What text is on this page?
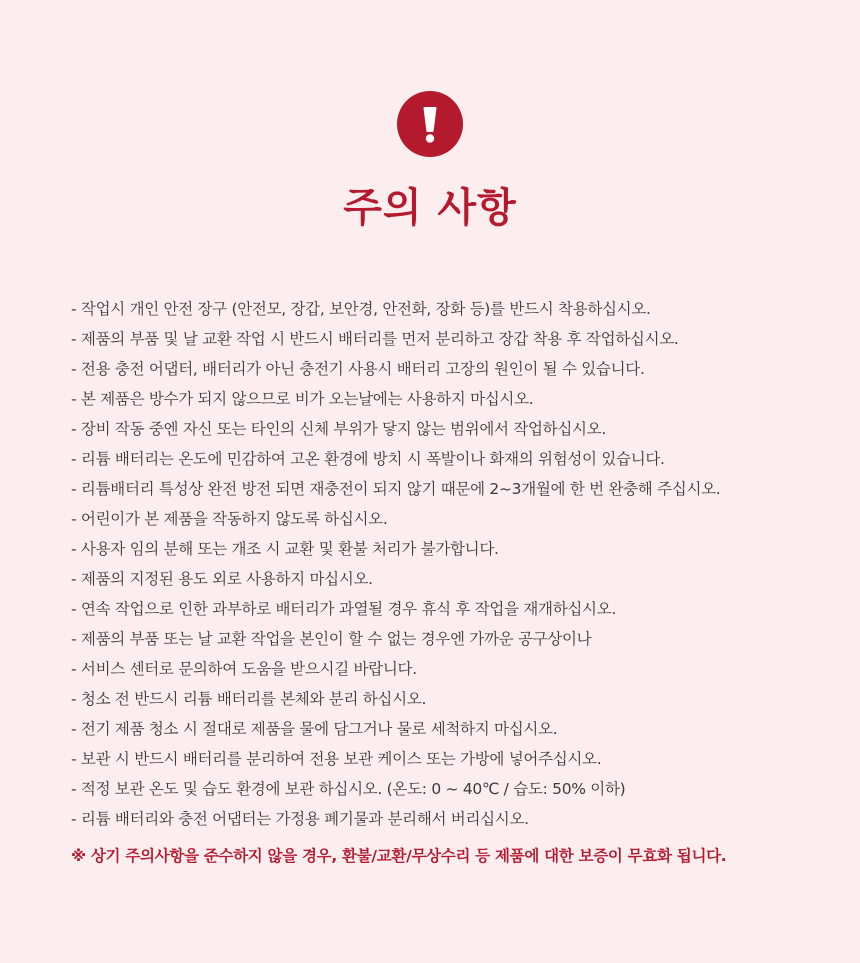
주의 사항
- 작업시 개인 안전 장구 (안전모, 장갑, 보안경, 안전화, 장화 등)를 반드시 착용하십시오.
- 제품의 부품 및 날 교환 작업 시 반드시 배터리를 먼저 분리하고 장갑 착용 후 작업하십시오.
- 전용 충전 어댑터, 배터리가 아닌 충전기 사용시 배터리 고장의 원인이 될 수 있습니다.
- 본 제품은 방수가 되지 않으므로 비가 오는날에는 사용하지 마십시오.
- 장비 작동 중엔 자신 또는 타인의 신체 부위가 닿지 않는 범위에서 작업하십시오.
- 리튬 배터리는 온도에 민감하여 고온 환경에 방치 시 폭발이나 화재의 위험성이 있습니다.
- 리튬배터리 특성상 완전 방전 되면 재충전이 되지 않기 때문에 2~3개월에 한 번 완충해 주십시오.
- 어린이가 본 제품을 작동하지 않도록 하십시오.
- 사용자 임의 분해 또는 개조 시 교환 및 환불 처리가 불가합니다.
- 제품의 지정된 용도 외로 사용하지 마십시오.
- 연속 작업으로 인한 과부하로 배터리가 과열될 경우 휴식 후 작업을 재개하십시오.
- 제품의 부품 또는 날 교환 작업을 본인이 할 수 없는 경우엔 가까운 공구상이나
- 서비스 센터로 문의하여 도움을 받으시길 바랍니다.
- 청소 전 반드시 리튬 배터리를 본체와 분리 하십시오.
- 전기 제품 청소 시 절대로 제품을 물에 담그거나 물로 세척하지 마십시오.
- 보관 시 반드시 배터리를 분리하여 전용 보관 케이스 또는 가방에 넣어주십시오.
- 적정 보관 온도 및 습도 환경에 보관 하십시오. (온도: 0 ~ 40℃ / 습도: 50% 이하)
- 리튬 배터리와 충전 어댑터는 가정용 폐기물과 분리해서 버리십시오.
※ 상기 주의사항을 준수하지 않을 경우, 환불/교환/무상수리 등 제품에 대한 보증이 무효화 됩니다.
